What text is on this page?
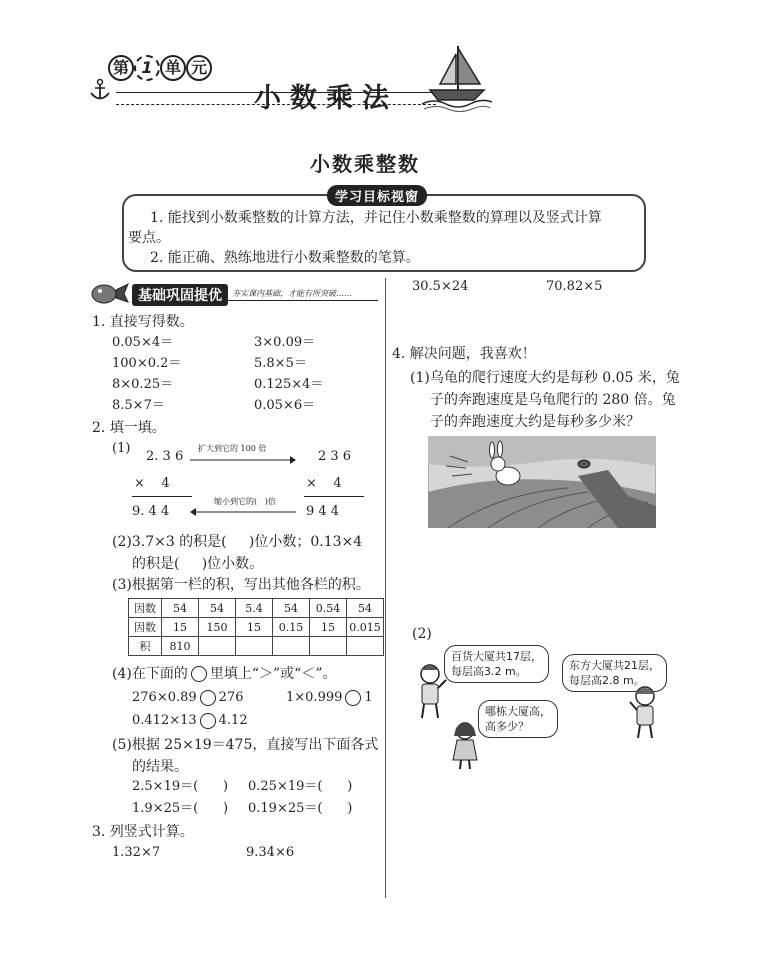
第 1 单 元
小数乘法
小数乘整数
学习目标视窗
1. 能找到小数乘整数的计算方法，并记住小数乘整数的算理以及竖式计算
要点。
2. 能正确、熟练地进行小数乘整数的笔算。
基础巩固提优	夯实课内基础，才能有所突破……
1. 直接写得数。
0.05×4＝	3×0.09＝
100×0.2＝	5.8×5＝
8×0.25＝	0.125×4＝
8.5×7＝	0.05×6＝
2. 填一填。
(1)
2. 3 6	2 3 6
扩大到它的 100 倍
×    4	×    4
缩小到它的(   )倍
9. 4 4	9 4 4
(2)3.7×3 的积是(     )位小数；0.13×4
的积是(     )位小数。
(3)根据第一栏的积，写出其他各栏的积。
因数	54	54	5.4	54	0.54	54
因数	15	150	15	0.15	15	0.015
积	810					
(4)在下面的 里填上“＞”或“＜”。
276×0.89 276	1×0.999 1
0.412×13 4.12
(5)根据 25×19＝475，直接写出下面各式
的结果。
2.5×19＝(      ) 0.25×19＝(      )
1.9×25＝(      ) 0.19×25＝(      )
3. 列竖式计算。
1.32×7	9.34×6
30.5×24	70.82×5
4. 解决问题，我喜欢！
(1)乌龟的爬行速度大约是每秒 0.05 米，兔
子的奔跑速度是乌龟爬行的 280 倍。兔
子的奔跑速度大约是每秒多少米？
(2)
百货大厦共17层，
每层高3.2 m。	东方大厦共21层，
每层高2.8 m。
哪栋大厦高，
高多少？
